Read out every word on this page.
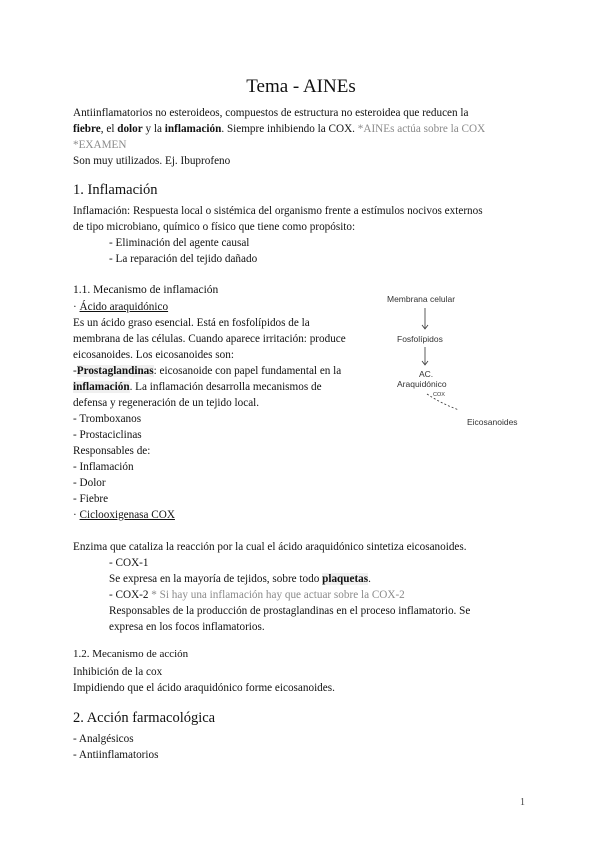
Tema - AINEs

Antiinflamatorios no esteroideos, compuestos de estructura no esteroidea que reducen la

fiebre, el dolor y la inflamación. Siempre inhibiendo la COX. *AINEs actúa sobre la COX

*EXAMEN

Son muy utilizados. Ej. Ibuprofeno

1. Inflamación

Inflamación: Respuesta local o sistémica del organismo frente a estímulos nocivos externos

de tipo microbiano, químico o físico que tiene como propósito:

- Eliminación del agente causal

- La reparación del tejido dañado

1.1. Mecanismo de inflamación

· Ácido araquidónico

Es un ácido graso esencial. Está en fosfolípidos de la

membrana de las células. Cuando aparece irritación: produce

eicosanoides. Los eicosanoides son:

-Prostaglandinas: eicosanoide con papel fundamental en la

inflamación. La inflamación desarrolla mecanismos de

defensa y regeneración de un tejido local.

- Tromboxanos

- Prostaciclinas

Responsables de:

- Inflamación

- Dolor

- Fiebre

· Ciclooxigenasa COX

Enzima que cataliza la reacción por la cual el ácido araquidónico sintetiza eicosanoides.

- COX-1

Se expresa en la mayoría de tejidos, sobre todo plaquetas.

- COX-2 * Si hay una inflamación hay que actuar sobre la COX-2

Responsables de la producción de prostaglandinas en el proceso inflamatorio. Se

expresa en los focos inflamatorios.

1.2. Mecanismo de acción

Inhibición de la cox

Impidiendo que el ácido araquidónico forme eicosanoides.

2. Acción farmacológica

- Analgésicos

- Antiinflamatorios

Membrana celular
Fosfolípidos
AC.
Araquidónico
COX
Eicosanoides
1
